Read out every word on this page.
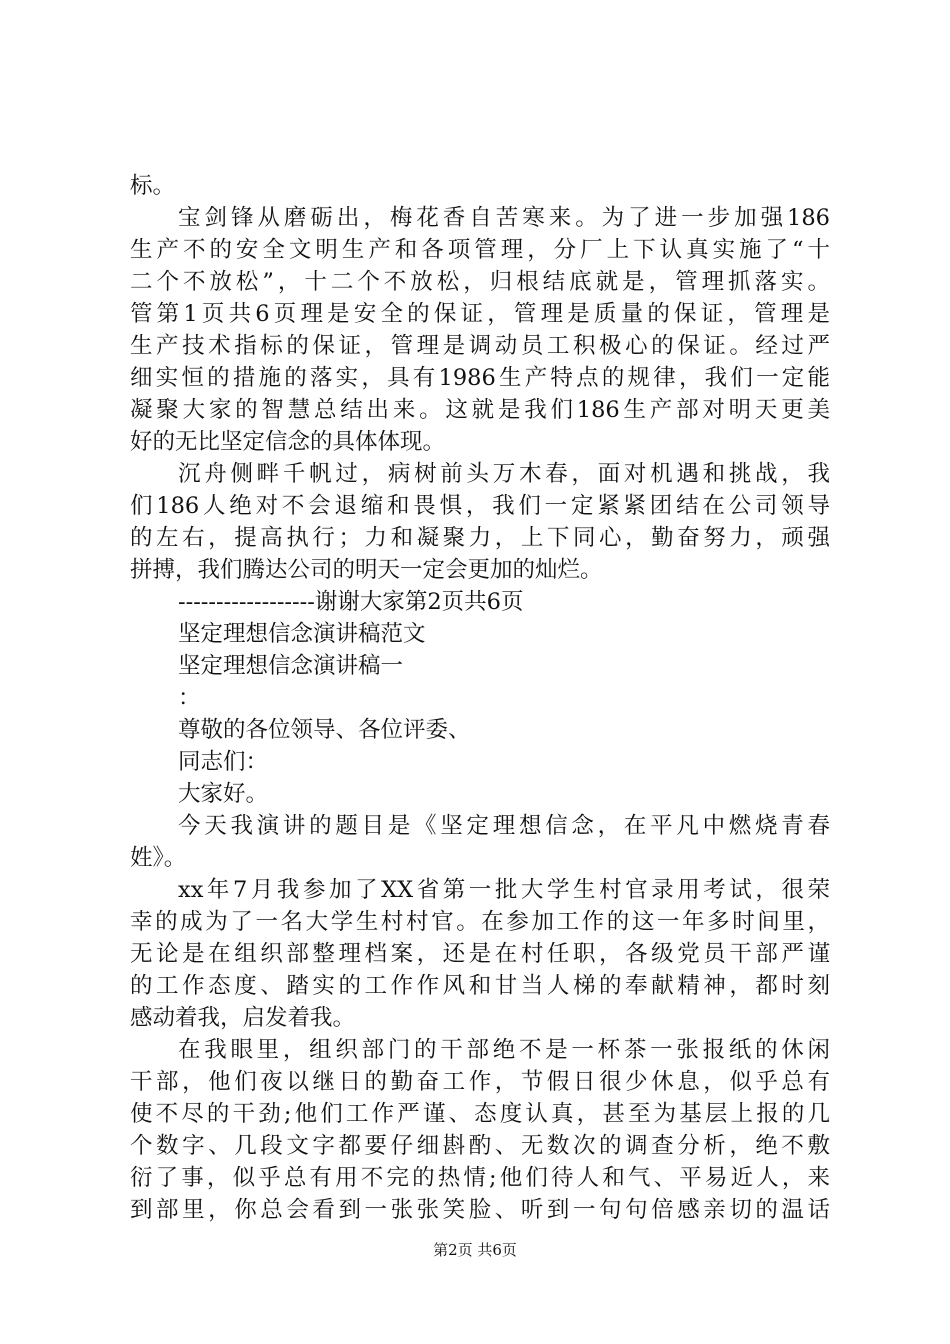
标。
宝剑锋从磨砺出，梅花香自苦寒来。为了进一步加强186
生产不的安全文明生产和各项管理，分厂上下认真实施了“十
二个不放松”，十二个不放松，归根结底就是，管理抓落实。
管第1页共6页理是安全的保证，管理是质量的保证，管理是
生产技术指标的保证，管理是调动员工积极心的保证。经过严
细实恒的措施的落实，具有1986生产特点的规律，我们一定能
凝聚大家的智慧总结出来。这就是我们186生产部对明天更美
好的无比坚定信念的具体体现。
沉舟侧畔千帆过，病树前头万木春，面对机遇和挑战，我
们186人绝对不会退缩和畏惧，我们一定紧紧团结在公司领导
的左右，提高执行；力和凝聚力，上下同心，勤奋努力，顽强
拼搏，我们腾达公司的明天一定会更加的灿烂。
------------------谢谢大家第2页共6页
坚定理想信念演讲稿范文
坚定理想信念演讲稿一
：
尊敬的各位领导、各位评委、
同志们：
大家好。
今天我演讲的题目是《坚定理想信念，在平凡中燃烧青春
姓》。
xx年7月我参加了XX省第一批大学生村官录用考试，很荣
幸的成为了一名大学生村村官。在参加工作的这一年多时间里，
无论是在组织部整理档案，还是在村任职，各级党员干部严谨
的工作态度、踏实的工作作风和甘当人梯的奉献精神，都时刻
感动着我，启发着我。
在我眼里，组织部门的干部绝不是一杯茶一张报纸的休闲
干部，他们夜以继日的勤奋工作，节假日很少休息，似乎总有
使不尽的干劲;他们工作严谨、态度认真，甚至为基层上报的几
个数字、几段文字都要仔细斟酌、无数次的调查分析，绝不敷
衍了事，似乎总有用不完的热情;他们待人和气、平易近人，来
到部里，你总会看到一张张笑脸、听到一句句倍感亲切的温话
第2页 共6页
